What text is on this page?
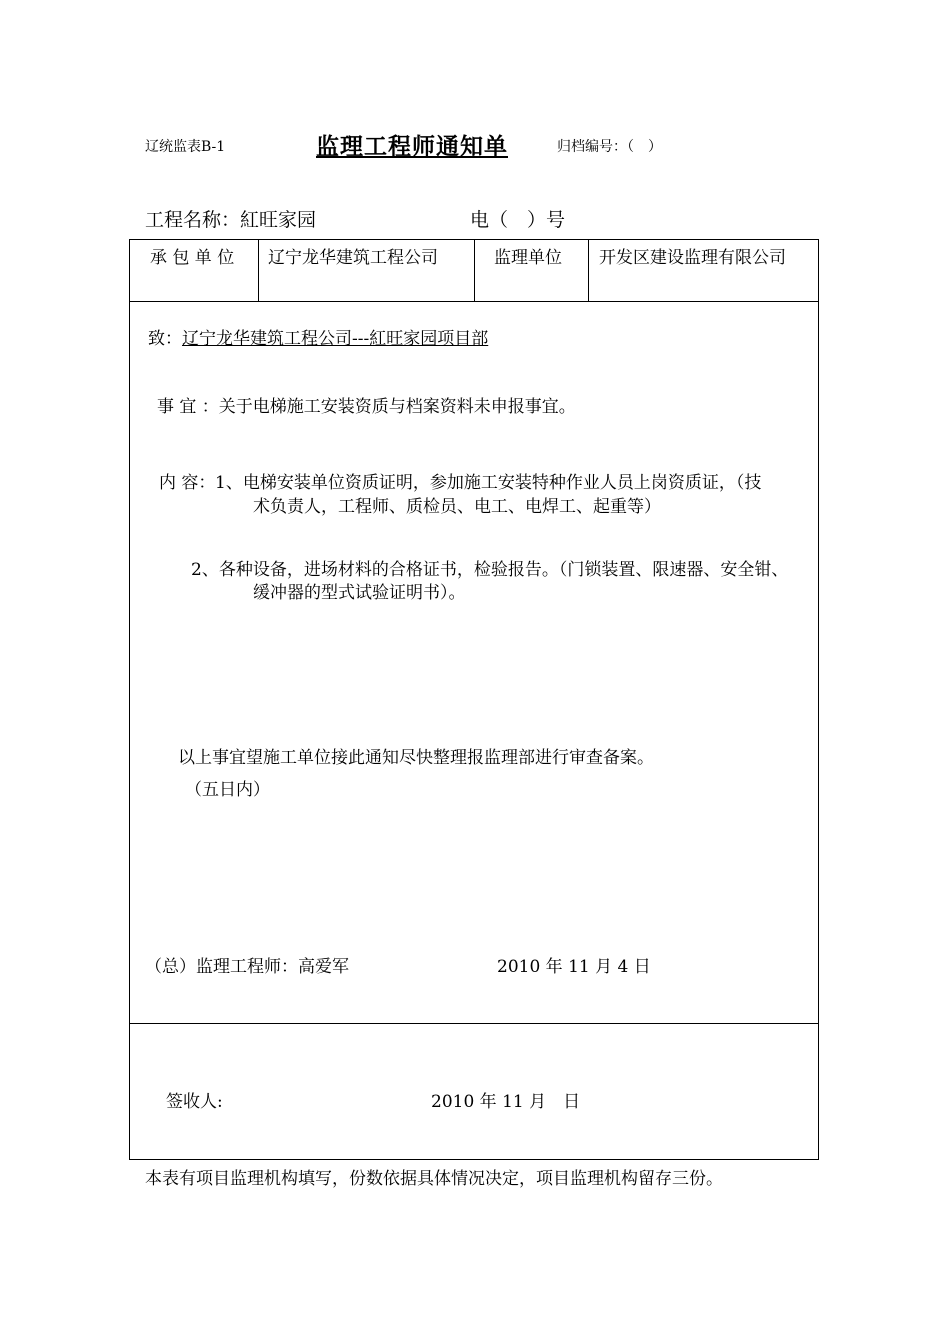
辽统监表B-1	监理工程师通知单	归档编号：（　）
工程名称：紅旺家园	电（　）号
承 包 单 位 辽宁龙华建筑工程公司	监理单位 开发区建设监理有限公司
致：辽宁龙华建筑工程公司---紅旺家园项目部
事 宜 ：关于电梯施工安装资质与档案资料未申报事宜。
内 容： 1、电梯安装单位资质证明，参加施工安装特种作业人员上岗资质证，（技
术负责人，工程师、质检员、电工、电焊工、起重等）
2、各种设备，进场材料的合格证书，检验报告。（门锁装置、限速器、安全钳、
缓冲器的型式试验证明书）。
以上事宜望施工单位接此通知尽快整理报监理部进行审查备案。
（五日内）
（总）监理工程师：高爱军	2010 年 11 月 4 日
签收人:	2010 年 11 月　日
本表有项目监理机构填写，份数依据具体情况决定，项目监理机构留存三份。
